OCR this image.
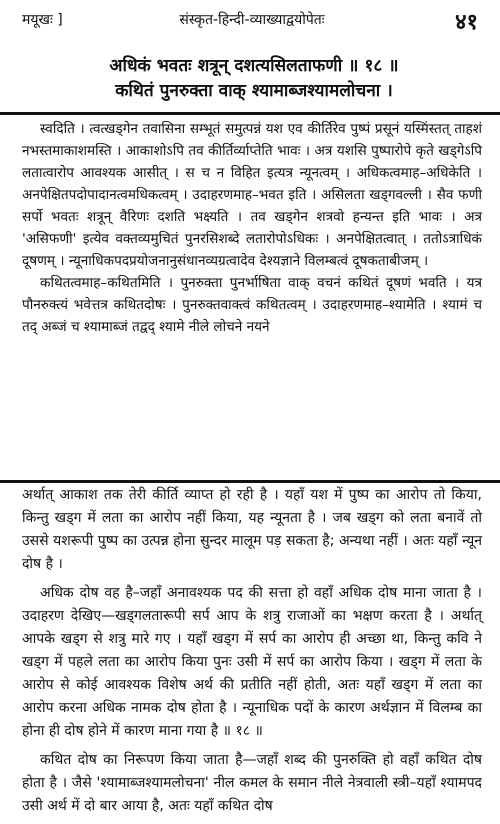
मयूखः ]	संस्कृत-हिन्दी-व्याख्याद्वयोपेतः	४१
अधिकं भवतः शत्रून् दशत्यसिलताफणी ॥ १८ ॥
कथितं पुनरुक्ता वाक् श्यामाब्जश्यामलोचना ।

स्वदिति । त्वत्खड्गेन तवासिना सम्भूतं समुत्पन्नं यश एव कीर्तिरेव पुष्पं प्रसूनं यस्मिंस्तत् ताहशं नभस्तमाकाशमस्ति । आकाशोऽपि तव कीर्तिर्व्याप्तेति भावः । अत्र यशसि पुष्पारोपे कृते खड्गेऽपि लतात्वारोप आवश्यक आसीत् । स च न विहित इत्यत्र न्यूनत्वम् । अधिकत्वमाह–अधिकेति । अनपेक्षितपदोपादानत्वमधिकत्वम् । उदाहरणमाह–भवत इति । असिलता खड्गवल्ली । सैव फणी सर्पो भवतः शत्रून् वैरिणः दशति भक्ष्यति । तव खड्गेन शत्रवो हन्यन्त इति भावः । अत्र 'असिफणी' इत्येव वक्तव्यमुचितं पुनरसिशब्दे लतारोपोऽधिकः । अनपेक्षितत्वात् । ततोऽत्राधिकं दूषणम् । न्यूनाधिकपदप्रयोजनानुसंधानव्यग्रत्वादेव देश्यज्ञाने विलम्बत्वं दूषकताबीजम् ।

कथितत्वमाह–कथितमिति । पुनरुक्ता पुनर्भाषिता वाक् वचनं कथितं दूषणं भवति । यत्र पौनरुक्त्यं भवेत्तत्र कथितदोषः । पुनरुक्तवाक्त्वं कथितत्वम् । उदाहरणमाह–श्यामेति । श्यामं च तद् अब्जं च श्यामाब्जं तद्वद् श्यामे नीले लोचने नयने

अर्थात् आकाश तक तेरी कीर्ति व्याप्त हो रही है । यहाँ यश में पुष्प का आरोप तो किया, किन्तु खड्ग में लता का आरोप नहीं किया, यह न्यूनता है । जब खड्ग को लता बनावें तो उससे यशरूपी पुष्प का उत्पन्न होना सुन्दर मालूम पड़ सकता है; अन्यथा नहीं । अतः यहाँ न्यून दोष है ।

अधिक दोष वह है–जहाँ अनावश्यक पद की सत्ता हो वहाँ अधिक दोष माना जाता है । उदाहरण देखिए—खड्गलतारूपी सर्प आप के शत्रु राजाओं का भक्षण करता है । अर्थात् आपके खड्ग से शत्रु मारे गए । यहाँ खड्ग में सर्प का आरोप ही अच्छा था, किन्तु कवि ने खड्ग में पहले लता का आरोप किया पुनः उसी में सर्प का आरोप किया । खड्ग में लता के आरोप से कोई आवश्यक विशेष अर्थ की प्रतीति नहीं होती, अतः यहाँ खड्ग में लता का आरोप करना अधिक नामक दोष होता है । न्यूनाधिक पदों के कारण अर्थज्ञान में विलम्ब का होना ही दोष होने में कारण माना गया है ॥ १८ ॥

कथित दोष का निरूपण किया जाता है—जहाँ शब्द की पुनरुक्ति हो वहाँ कथित दोष होता है । जैसे 'श्यामाब्जश्यामलोचना' नील कमल के समान नीले नेत्रवाली स्त्री–यहाँ श्यामपद उसी अर्थ में दो बार आया है, अतः यहाँ कथित दोष
